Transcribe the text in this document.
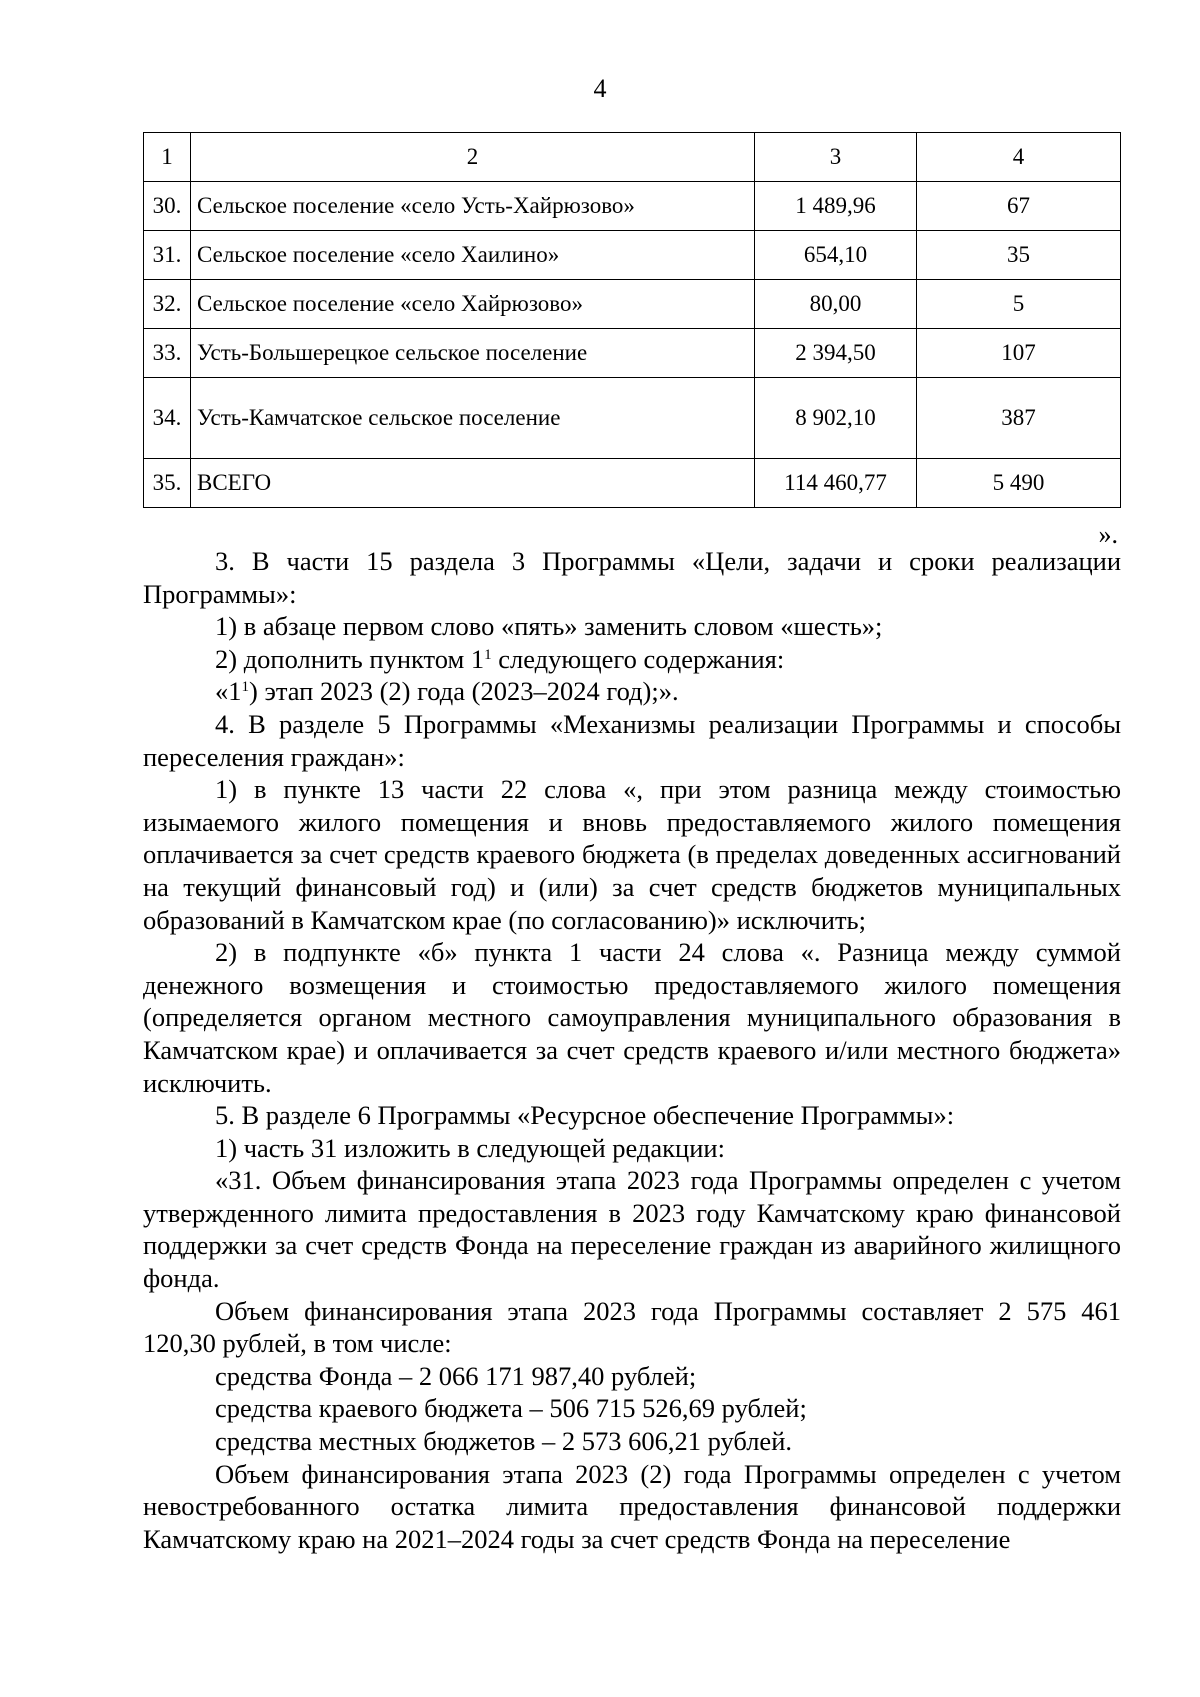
4
1	2	3	4
30.	Сельское поселение «село Усть-Хайрюзово»	1 489,96	67
31.	Сельское поселение «село Хаилино»	654,10	35
32.	Сельское поселение «село Хайрюзово»	80,00	5
33.	Усть-Большерецкое сельское поселение	2 394,50	107
34.	Усть-Камчатское сельское поселение	8 902,10	387
35.	ВСЕГО	114 460,77	5 490
».

3. В части 15 раздела 3 Программы «Цели, задачи и сроки реализации Программы»:

1) в абзаце первом слово «пять» заменить словом «шесть»;

2) дополнить пунктом $1^1$ следующего содержания:

«$1^1$) этап 2023 (2) года (2023–2024 год);».

4. В разделе 5 Программы «Механизмы реализации Программы и способы переселения граждан»:

1) в пункте 13 части 22 слова «, при этом разница между стоимостью изымаемого жилого помещения и вновь предоставляемого жилого помещения оплачивается за счет средств краевого бюджета (в пределах доведенных ассигнований на текущий финансовый год) и (или) за счет средств бюджетов муниципальных образований в Камчатском крае (по согласованию)» исключить;

2) в подпункте «б» пункта 1 части 24 слова «. Разница между суммой денежного возмещения и стоимостью предоставляемого жилого помещения (определяется органом местного самоуправления муниципального образования в Камчатском крае) и оплачивается за счет средств краевого и/или местного бюджета» исключить.

5. В разделе 6 Программы «Ресурсное обеспечение Программы»:

1) часть 31 изложить в следующей редакции:

«31. Объем финансирования этапа 2023 года Программы определен с учетом утвержденного лимита предоставления в 2023 году Камчатскому краю финансовой поддержки за счет средств Фонда на переселение граждан из аварийного жилищного фонда.

Объем финансирования этапа 2023 года Программы составляет 2 575 461 120,30 рублей, в том числе:

средства Фонда – 2 066 171 987,40 рублей;

средства краевого бюджета – 506 715 526,69 рублей;

средства местных бюджетов – 2 573 606,21 рублей.

Объем финансирования этапа 2023 (2) года Программы определен с учетом невостребованного остатка лимита предоставления финансовой поддержки Камчатскому краю на 2021–2024 годы за счет средств Фонда на переселение
